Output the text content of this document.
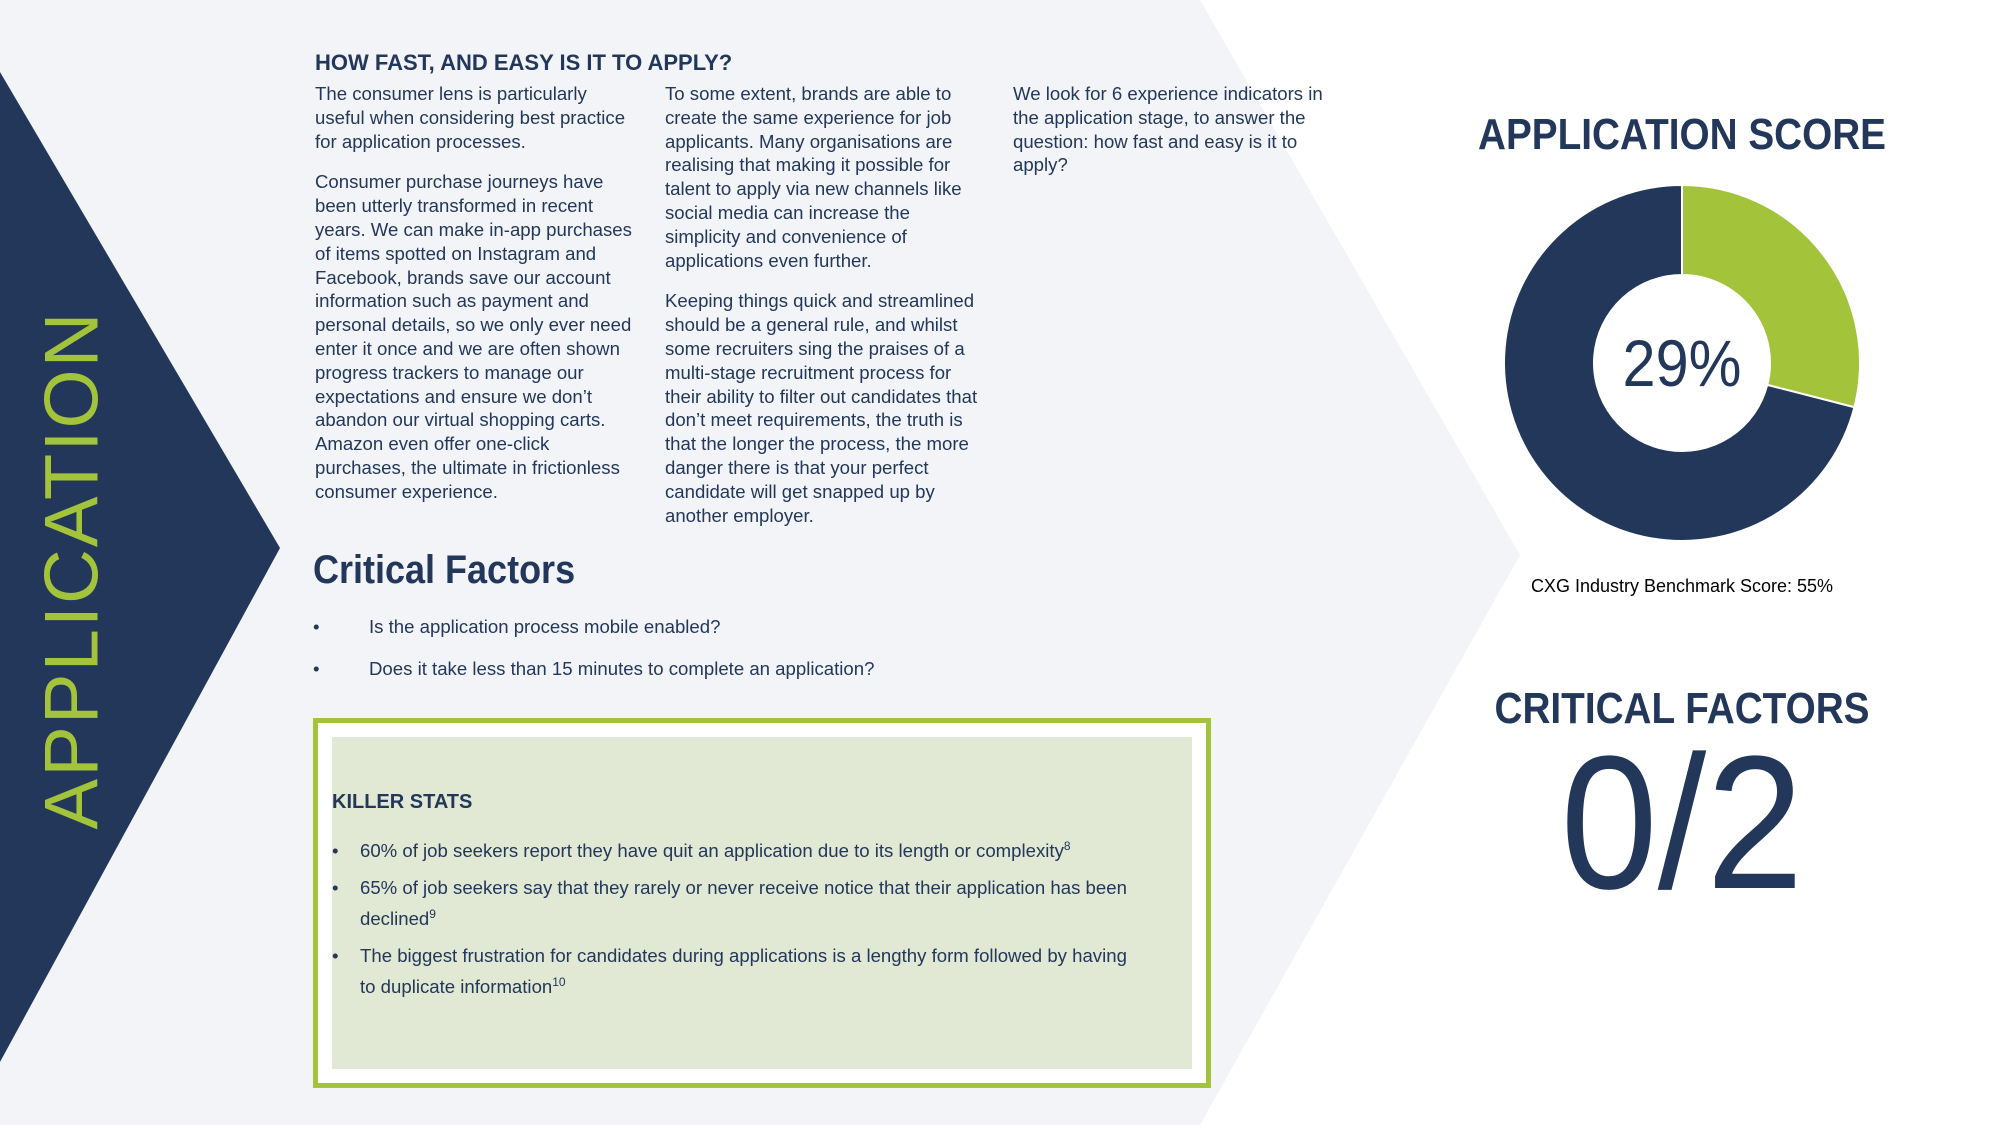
APPLICATION
HOW FAST, AND EASY IS IT TO APPLY?

The consumer lens is particularly useful when considering best practice for application processes.

Consumer purchase journeys have been utterly transformed in recent years. We can make in-app purchases of items spotted on Instagram and Facebook, brands save our account information such as payment and personal details, so we only ever need enter it once and we are often shown progress trackers to manage our expectations and ensure we don’t abandon our virtual shopping carts. Amazon even offer one-click purchases, the ultimate in frictionless consumer experience.

To some extent, brands are able to create the same experience for job applicants. Many organisations are realising that making it possible for talent to apply via new channels like social media can increase the simplicity and convenience of applications even further.

Keeping things quick and streamlined should be a general rule, and whilst some recruiters sing the praises of a multi-stage recruitment process for their ability to filter out candidates that don’t meet requirements, the truth is that the longer the process, the more danger there is that your perfect candidate will get snapped up by another employer.

We look for 6 experience indicators in the application stage, to answer the question: how fast and easy is it to apply?

Critical Factors
•	Is the application process mobile enabled?
•	Does it take less than 15 minutes to complete an application?
KILLER STATS
• 60% of job seekers report they have quit an application due to its length or complexity$^8$
• 65% of job seekers say that they rarely or never receive notice that their application has been declined$^9$
• The biggest frustration for candidates during applications is a lengthy form followed by having to duplicate information$^{10}$
APPLICATION SCORE
29%
CXG Industry Benchmark Score: 55%
CRITICAL FACTORS
0/2
